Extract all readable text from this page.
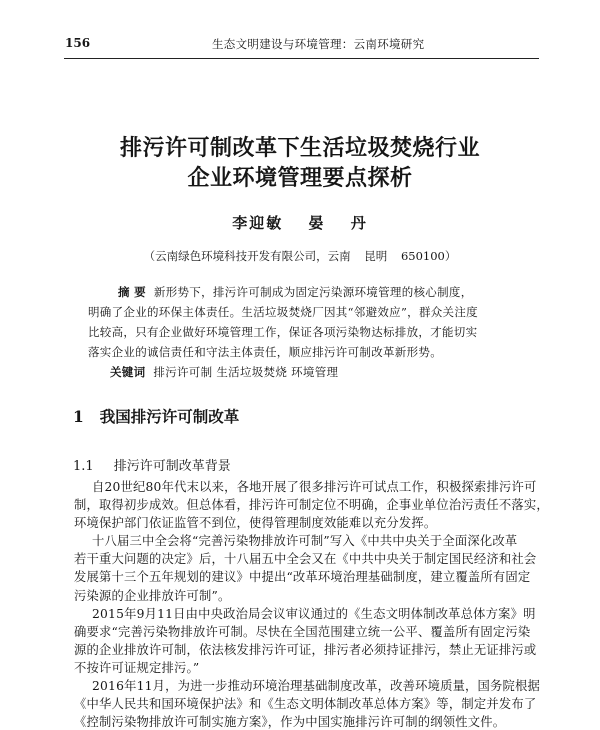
156	生态文明建设与环境管理：云南环境研究
排污许可制改革下生活垃圾焚烧行业
企业环境管理要点探析
李迎敏 晏 丹
（云南绿色环境科技开发有限公司，云南 昆明 650100）
摘 要 新形势下，排污许可制成为固定污染源环境管理的核心制度，
明确了企业的环保主体责任。生活垃圾焚烧厂因其“邻避效应”，群众关注度
比较高，只有企业做好环境管理工作，保证各项污染物达标排放，才能切实
落实企业的诚信责任和守法主体责任，顺应排污许可制改革新形势。
关键词 排污许可制 生活垃圾焚烧 环境管理
1 我国排污许可制改革
1.1 排污许可制改革背景
自20世纪80年代末以来，各地开展了很多排污许可试点工作，积极探索排污许可
制，取得初步成效。但总体看，排污许可制定位不明确，企事业单位治污责任不落实，
环境保护部门依证监管不到位，使得管理制度效能难以充分发挥。
十八届三中全会将“完善污染物排放许可制”写入《中共中央关于全面深化改革
若干重大问题的决定》后，十八届五中全会又在《中共中央关于制定国民经济和社会
发展第十三个五年规划的建议》中提出“改革环境治理基础制度，建立覆盖所有固定
污染源的企业排放许可制”。
2015年9月11日由中央政治局会议审议通过的《生态文明体制改革总体方案》明
确要求“完善污染物排放许可制。尽快在全国范围建立统一公平、覆盖所有固定污染
源的企业排放许可制，依法核发排污许可证，排污者必须持证排污，禁止无证排污或
不按许可证规定排污。”
2016年11月，为进一步推动环境治理基础制度改革，改善环境质量，国务院根据
《中华人民共和国环境保护法》和《生态文明体制改革总体方案》等，制定并发布了
《控制污染物排放许可制实施方案》，作为中国实施排污许可制的纲领性文件。
